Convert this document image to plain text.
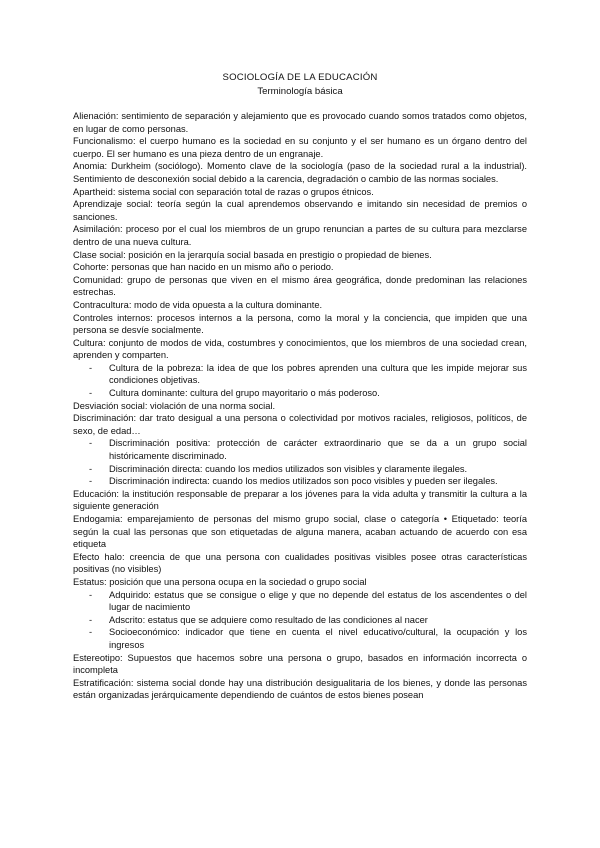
SOCIOLOGÍA DE LA EDUCACIÓN
Terminología básica

Alienación: sentimiento de separación y alejamiento que es provocado cuando somos tratados como objetos, en lugar de como personas.

Funcionalismo: el cuerpo humano es la sociedad en su conjunto y el ser humano es un órgano dentro del cuerpo. El ser humano es una pieza dentro de un engranaje.

Anomia: Durkheim (sociólogo). Momento clave de la sociología (paso de la sociedad rural a la industrial). Sentimiento de desconexión social debido a la carencia, degradación o cambio de las normas sociales.

Apartheid: sistema social con separación total de razas o grupos étnicos.

Aprendizaje social: teoría según la cual aprendemos observando e imitando sin necesidad de premios o sanciones.

Asimilación: proceso por el cual los miembros de un grupo renuncian a partes de su cultura para mezclarse dentro de una nueva cultura.

Clase social: posición en la jerarquía social basada en prestigio o propiedad de bienes.

Cohorte: personas que han nacido en un mismo año o periodo.

Comunidad: grupo de personas que viven en el mismo área geográfica, donde predominan las relaciones estrechas.

Contracultura: modo de vida opuesta a la cultura dominante.

Controles internos: procesos internos a la persona, como la moral y la conciencia, que impiden que una persona se desvíe socialmente.

Cultura: conjunto de modos de vida, costumbres y conocimientos, que los miembros de una sociedad crean, aprenden y comparten.

- Cultura de la pobreza: la idea de que los pobres aprenden una cultura que les impide mejorar sus condiciones objetivas.
- Cultura dominante: cultura del grupo mayoritario o más poderoso.

Desviación social: violación de una norma social.

Discriminación: dar trato desigual a una persona o colectividad por motivos raciales, religiosos, políticos, de sexo, de edad…

- Discriminación positiva: protección de carácter extraordinario que se da a un grupo social históricamente discriminado.
- Discriminación directa: cuando los medios utilizados son visibles y claramente ilegales.
- Discriminación indirecta: cuando los medios utilizados son poco visibles y pueden ser ilegales.

Educación: la institución responsable de preparar a los jóvenes para la vida adulta y transmitir la cultura a la siguiente generación

Endogamia: emparejamiento de personas del mismo grupo social, clase o categoría • Etiquetado: teoría según la cual las personas que son etiquetadas de alguna manera, acaban actuando de acuerdo con esa etiqueta

Efecto halo: creencia de que una persona con cualidades positivas visibles posee otras características positivas (no visibles)

Estatus: posición que una persona ocupa en la sociedad o grupo social

- Adquirido: estatus que se consigue o elige y que no depende del estatus de los ascendentes o del lugar de nacimiento
- Adscrito: estatus que se adquiere como resultado de las condiciones al nacer
- Socioeconómico: indicador que tiene en cuenta el nivel educativo/cultural, la ocupación y los ingresos

Estereotipo: Supuestos que hacemos sobre una persona o grupo, basados en información incorrecta o incompleta

Estratificación: sistema social donde hay una distribución desigualitaria de los bienes, y donde las personas están organizadas jerárquicamente dependiendo de cuántos de estos bienes posean
